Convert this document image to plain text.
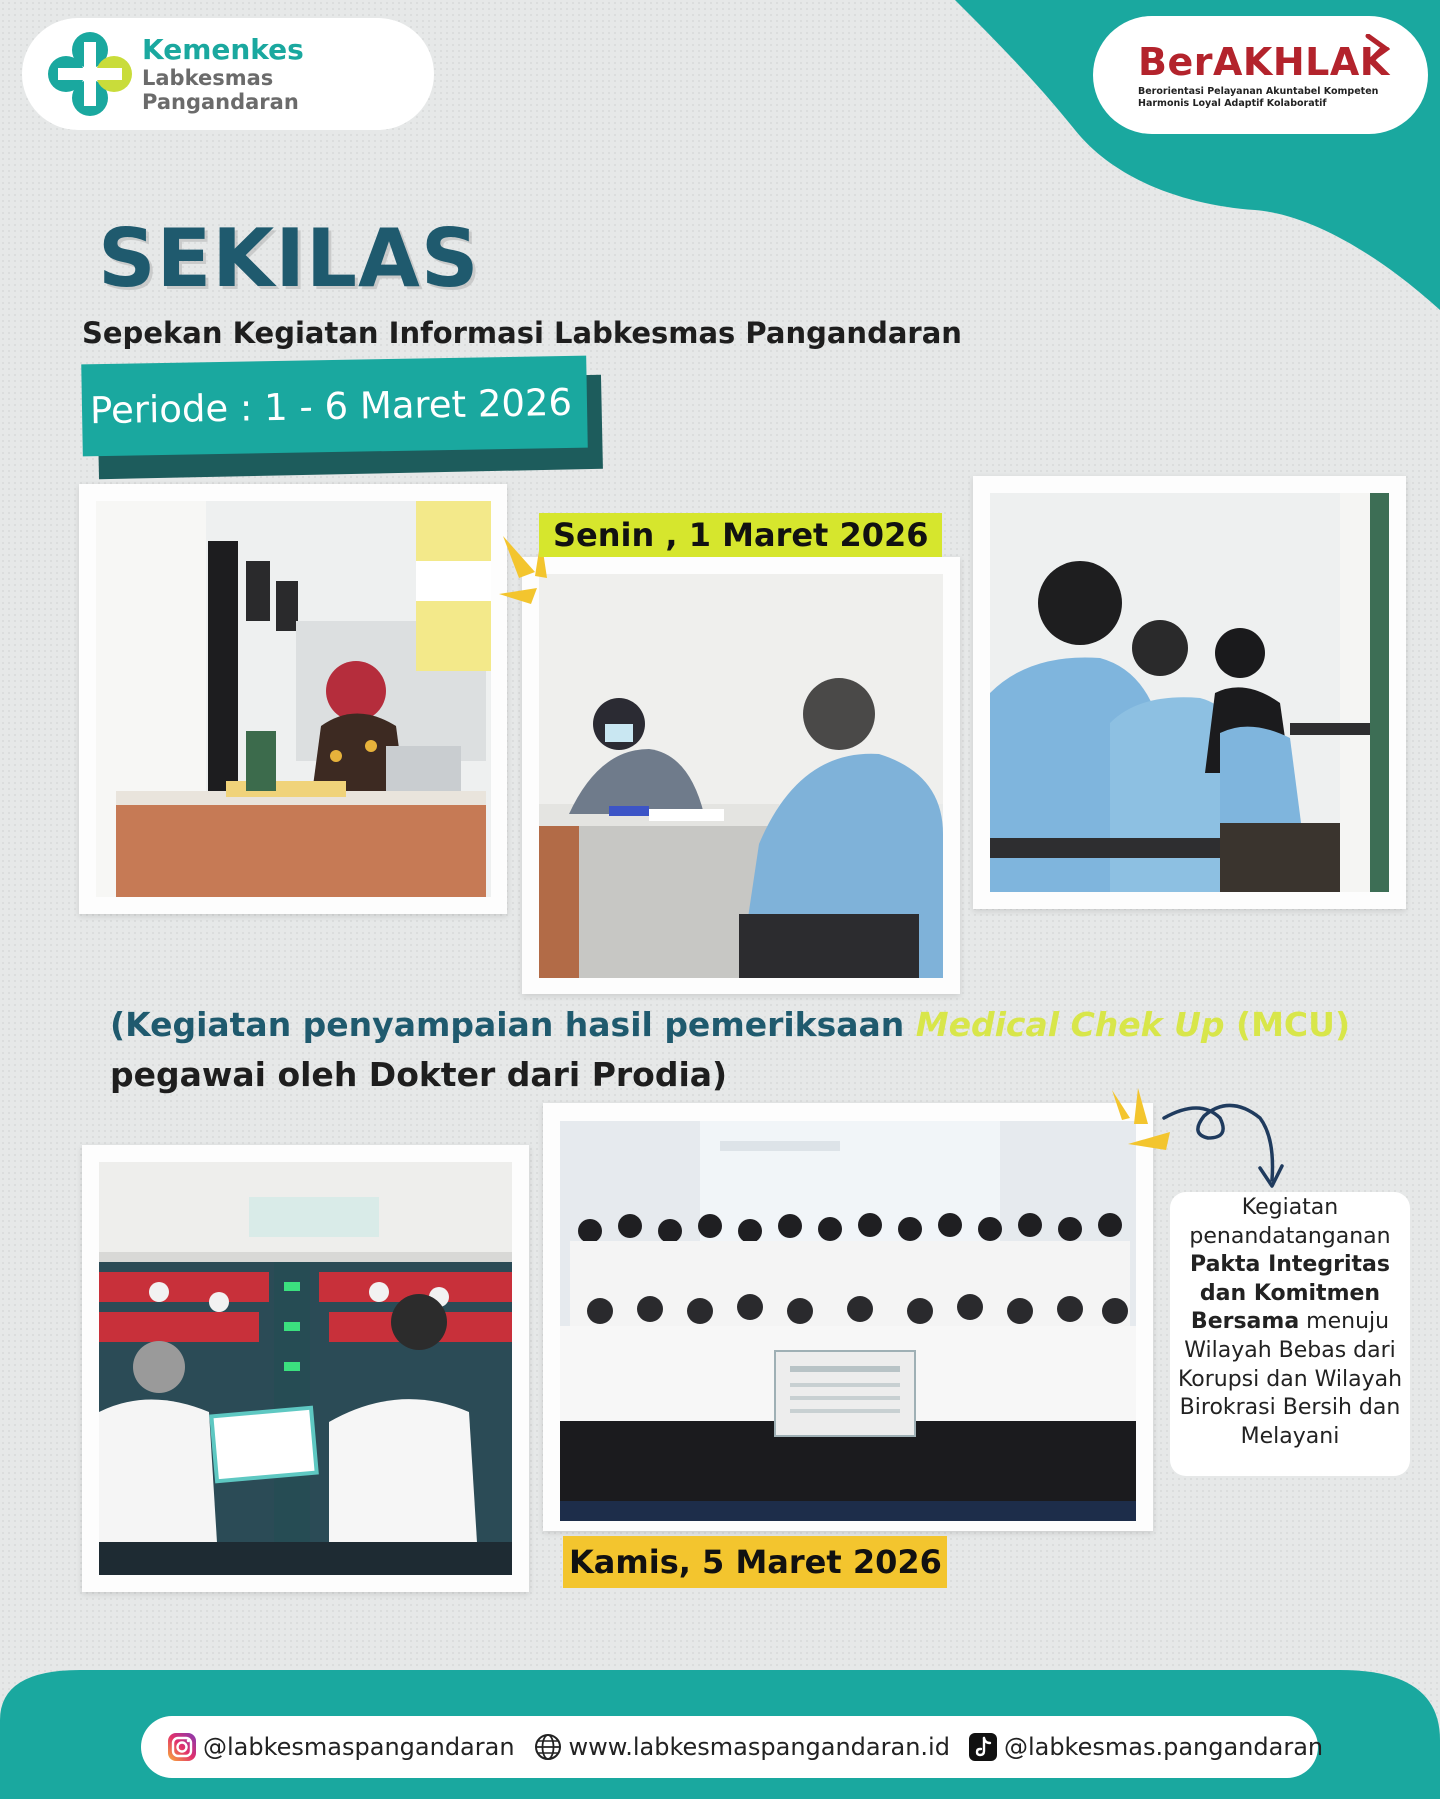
Kemenkes
Labkesmas Pangandaran
BerAKHLAK
Berorientasi Pelayanan Akuntabel Kompeten Harmonis Loyal Adaptif Kolaboratif
SEKILAS
Sepekan Kegiatan Informasi Labkesmas Pangandaran
Periode : 1 - 6 Maret 2026
Senin , 1 Maret 2026
(Kegiatan penyampaian hasil pemeriksaan Medical Chek Up (MCU)
pegawai oleh Dokter dari Prodia)
Kamis, 5 Maret 2026
Kegiatan
penandatanganan
Pakta Integritas dan Komitmen Bersama menuju Wilayah Bebas dari Korupsi dan Wilayah Birokrasi Bersih dan Melayani
@labkesmaspangandaran www.labkesmaspangandaran.id @labkesmas.pangandaran
